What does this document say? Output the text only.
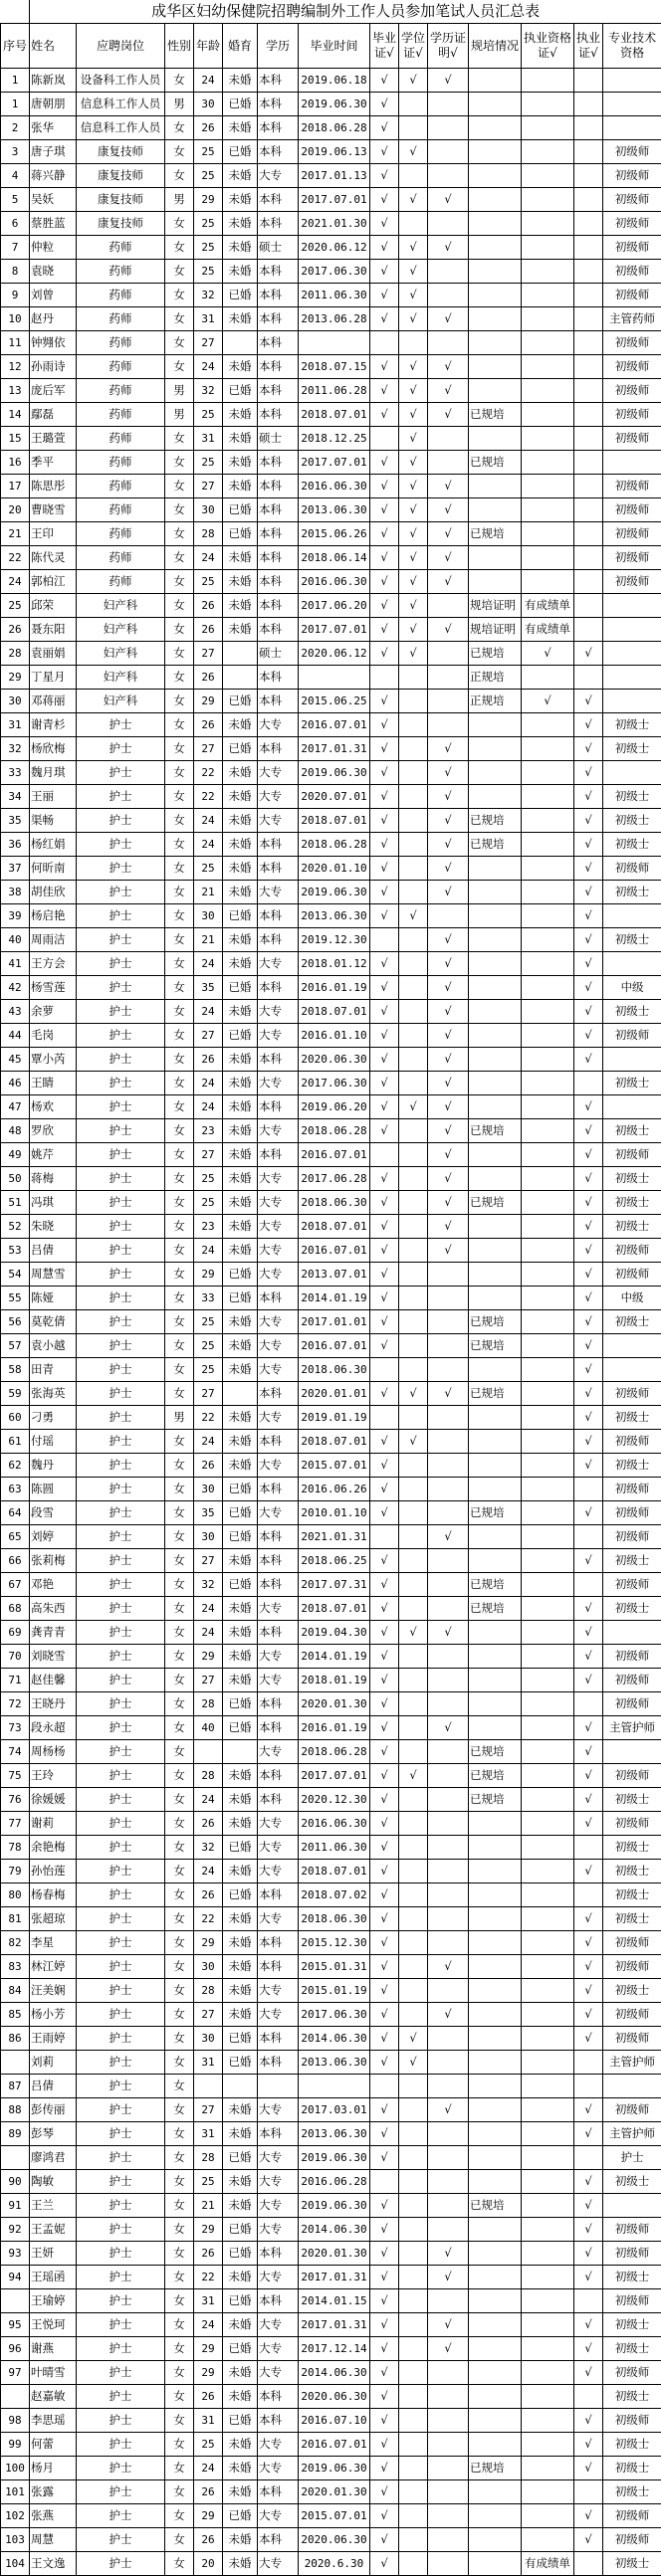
	成华区妇幼保健院招聘编制外工作人员参加笔试人员汇总表													
序号	姓名	应聘岗位	性别	年龄	婚育	学历	毕业时间	毕业证√	学位证√	学历证明√	规培情况	执业资格证√	执业证√	专业技术资格
1	陈新岚	设备科工作人员	女	24	未婚	本科	2019.06.18	√	√	√				
1	唐朝朋	信息科工作人员	男	30	已婚	本科	2019.06.30	√						
2	张华	信息科工作人员	女	26	未婚	本科	2018.06.28	√						
3	唐子琪	康复技师	女	25	已婚	本科	2019.06.13	√	√					初级师
4	蒋兴静	康复技师	女	25	未婚	大专	2017.01.13	√						初级师
5	吴妖	康复技师	男	29	未婚	本科	2017.07.01	√	√	√				初级师
6	蔡胜蓝	康复技师	女	25	未婚	本科	2021.01.30	√						初级师
7	仲粒	药师	女	25	未婚	硕士	2020.06.12	√	√	√				初级师
8	袁晓	药师	女	25	未婚	本科	2017.06.30	√	√					初级师
9	刘曾	药师	女	32	已婚	本科	2011.06.30	√	√					初级师
10	赵丹	药师	女	31	未婚	本科	2013.06.28	√	√	√				主管药师
11	钟翙依	药师	女	27		本科								初级师
12	孙雨诗	药师	女	24	未婚	本科	2018.07.15	√	√	√				初级师
13	庞后军	药师	男	32	已婚	本科	2011.06.28	√	√	√				初级师
14	鄢磊	药师	男	25	未婚	本科	2018.07.01	√	√	√	已规培			初级师
15	王璐萱	药师	女	31	未婚	硕士	2018.12.25		√					初级师
16	季平	药师	女	25	未婚	本科	2017.07.01	√	√		已规培			
17	陈思彤	药师	女	27	未婚	本科	2016.06.30	√	√	√				初级师
20	曹晓雪	药师	女	30	已婚	本科	2013.06.30	√	√	√				初级师
21	王印	药师	女	28	已婚	本科	2015.06.26	√	√	√	已规培			初级师
22	陈代灵	药师	女	24	未婚	本科	2018.06.14	√	√	√				初级师
24	郭柏江	药师	女	25	未婚	本科	2016.06.30	√	√	√				初级师
25	邱荣	妇产科	女	26	未婚	本科	2017.06.20	√	√		规培证明	有成绩单		
26	聂东阳	妇产科	女	26	未婚	本科	2017.07.01	√	√	√	规培证明	有成绩单		
28	袁丽娟	妇产科	女	27		硕士	2020.06.12	√	√		已规培	√	√	
29	丁星月	妇产科	女	26		本科					正规培			
30	邓蒋丽	妇产科	女	29	已婚	本科	2015.06.25	√			正规培	√	√	
31	谢青杉	护士	女	26	未婚	大专	2016.07.01	√					√	初级士
32	杨欣梅	护士	女	27	已婚	本科	2017.01.31	√		√			√	初级士
33	魏月琪	护士	女	22	未婚	大专	2019.06.30	√		√			√	
34	王丽	护士	女	22	未婚	大专	2020.07.01	√		√			√	初级士
35	渠畅	护士	女	24	未婚	大专	2018.07.01	√		√	已规培		√	初级士
36	杨红娟	护士	女	24	未婚	本科	2018.06.28	√		√	已规培		√	初级士
37	何昕南	护士	女	25	未婚	本科	2020.01.10	√		√			√	初级师
38	胡佳欣	护士	女	21	未婚	大专	2019.06.30	√		√			√	初级士
39	杨启艳	护士	女	30	已婚	本科	2013.06.30	√	√				√	
40	周雨洁	护士	女	21	未婚	本科	2019.12.30			√			√	初级士
41	王方会	护士	女	24	未婚	大专	2018.01.12	√		√			√	
42	杨雪莲	护士	女	35	已婚	本科	2016.01.19	√		√			√	中级
43	余萝	护士	女	24	未婚	大专	2018.07.01	√		√			√	初级士
44	毛岗	护士	女	27	已婚	大专	2016.01.10	√		√			√	初级师
45	覃小芮	护士	女	26	未婚	本科	2020.06.30	√		√			√	
46	王睛	护士	女	24	未婚	大专	2017.06.30	√		√				初级士
47	杨欢	护士	女	24	未婚	本科	2019.06.20	√	√	√			√	
48	罗欣	护士	女	23	未婚	大专	2018.06.28	√		√	已规培		√	初级士
49	姚芹	护士	女	27	未婚	本科	2016.07.01			√			√	初级师
50	蒋梅	护士	女	25	未婚	大专	2017.06.28	√		√			√	初级士
51	冯琪	护士	女	25	未婚	大专	2018.06.30	√		√	已规培		√	初级士
52	朱晓	护士	女	23	未婚	大专	2018.07.01	√		√			√	初级士
53	吕倩	护士	女	24	未婚	大专	2016.07.01	√		√			√	初级师
54	周慧雪	护士	女	29	已婚	大专	2013.07.01	√					√	初级师
55	陈娅	护士	女	33	已婚	本科	2014.01.19	√					√	中级
56	莫乾倩	护士	女	25	未婚	大专	2017.01.01	√			已规培		√	初级士
57	袁小越	护士	女	25	未婚	大专	2016.07.01	√			已规培		√	
58	田青	护士	女	25	未婚	大专	2018.06.30						√	
59	张海英	护士	女	27		本科	2020.01.01	√	√	√	已规培		√	初级师
60	刁勇	护士	男	22	未婚	大专	2019.01.19						√	初级士
61	付瑶	护士	女	24	未婚	本科	2018.07.01	√	√				√	初级师
62	魏丹	护士	女	26	未婚	大专	2015.07.01	√					√	初级士
63	陈圆	护士	女	30	已婚	本科	2016.06.26	√						初级师
64	段雪	护士	女	35	已婚	大专	2010.01.10	√			已规培		√	初级师
65	刘婷	护士	女	30	已婚	本科	2021.01.31			√				初级师
66	张莉梅	护士	女	27	未婚	本科	2018.06.25	√					√	初级士
67	邓艳	护士	女	32	已婚	本科	2017.07.31	√			已规培			初级师
68	高朱西	护士	女	24	未婚	大专	2018.07.01	√			已规培		√	初级士
69	龚青青	护士	女	24	未婚	本科	2019.04.30	√	√	√			√	
70	刘晓雪	护士	女	29	未婚	大专	2014.01.19	√					√	初级师
71	赵佳馨	护士	女	27	未婚	大专	2018.01.19	√					√	初级师
72	王晓丹	护士	女	28	已婚	本科	2020.01.30	√						初级师
73	段永超	护士	女	40	已婚	本科	2016.01.19	√		√			√	主管护师
74	周杨杨	护士	女			大专	2018.06.28	√			已规培		√	
75	王玲	护士	女	28	未婚	本科	2017.07.01	√	√		已规培		√	初级师
76	徐媛媛	护士	女	24	未婚	本科	2020.12.30	√			已规培		√	初级士
77	谢莉	护士	女	26	未婚	大专	2016.06.30	√					√	初级师
78	余艳梅	护士	女	32	已婚	大专	2011.06.30	√						初级士
79	孙怡莲	护士	女	24	未婚	大专	2018.07.01	√					√	初级士
80	杨春梅	护士	女	26	已婚	本科	2018.07.02	√						初级士
81	张超琼	护士	女	22	未婚	大专	2018.06.30	√					√	初级士
82	李星	护士	女	29	未婚	本科	2015.12.30	√					√	初级师
83	林江婷	护士	女	30	未婚	本科	2015.01.31	√		√			√	初级师
84	汪美娴	护士	女	28	未婚	大专	2015.01.19	√					√	初级士
85	杨小芳	护士	女	27	未婚	大专	2017.06.30	√		√			√	初级师
86	王雨婷	护士	女	30	已婚	本科	2014.06.30	√	√				√	初级师
	刘莉	护士	女	31	已婚	本科	2013.06.30	√	√					主管护师
87	吕倩	护士	女											
88	彭传丽	护士	女	27	未婚	大专	2017.03.01	√		√			√	初级师
89	彭琴	护士	女	31	未婚	本科	2013.06.30	√					√	主管护师
	廖鸿君	护士	女	28	已婚	大专	2019.06.30	√						护士
90	陶敏	护士	女	25	未婚	大专	2016.06.28						√	初级士
91	王兰	护士	女	21	未婚	大专	2019.06.30	√			已规培		√	
92	王孟妮	护士	女	29	已婚	大专	2014.06.30	√					√	初级师
93	王妍	护士	女	26	已婚	本科	2020.01.30	√		√			√	初级师
94	王瑶函	护士	女	22	未婚	大专	2017.01.31	√		√			√	初级士
	王瑜婷	护士	女	31	已婚	本科	2014.01.15	√						初级师
95	王悦珂	护士	女	24	未婚	大专	2017.01.31	√		√			√	初级士
96	谢燕	护士	女	29	已婚	大专	2017.12.14	√		√			√	初级士
97	叶晴雪	护士	女	29	未婚	大专	2014.06.30	√					√	初级师
	赵嘉敏	护士	女	26	未婚	本科	2020.06.30	√						初级士
98	李思瑶	护士	女	31	已婚	本科	2016.07.10	√					√	初级师
99	何蕾	护士	女	25	未婚	大专	2016.07.01	√					√	初级士
100	杨月	护士	女	24	未婚	大专	2019.06.30	√			已规培		√	初级士
101	张露	护士	女	26	未婚	本科	2020.01.30	√						初级士
102	张燕	护士	女	29	已婚	大专	2015.07.01	√					√	初级师
103	周慧	护士	女	26	未婚	本科	2020.06.30	√					√	初级师
104	王文逸	护士	女	20	未婚	大专	2020.6.30	√				有成绩单		初级士
